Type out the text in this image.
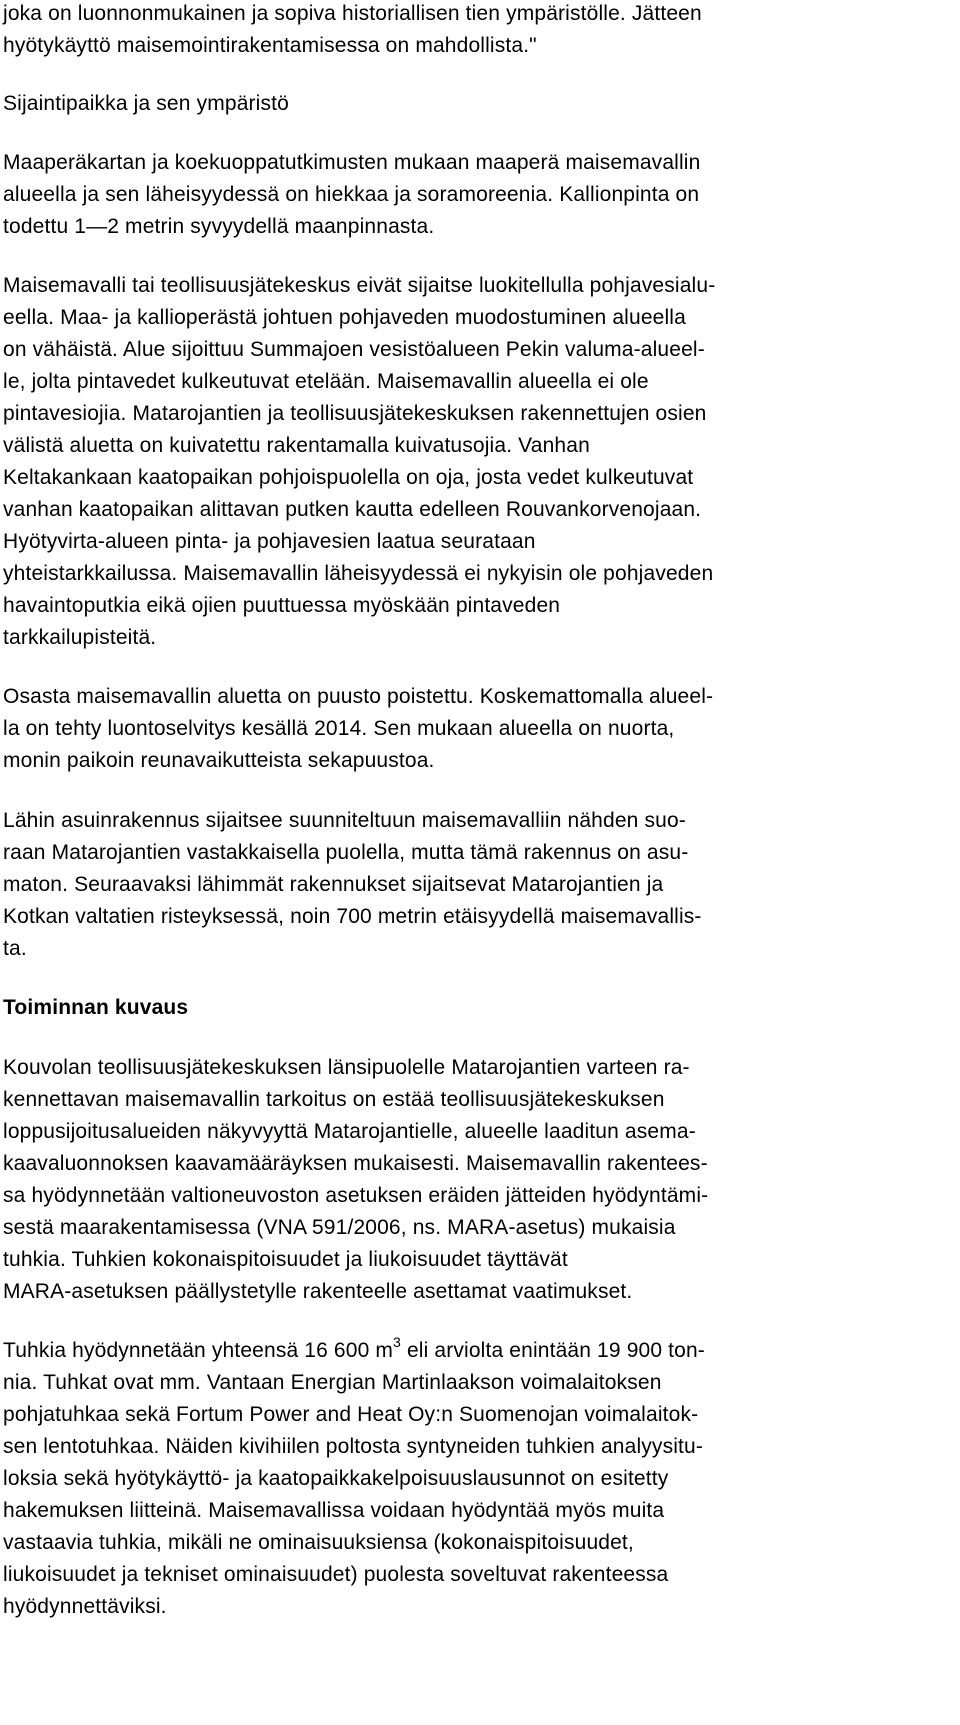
joka on luonnonmukainen ja sopiva historiallisen tien ympäristölle. Jätteen
hyötykäyttö maisemointirakentamisessa on mahdollista."
Sijaintipaikka ja sen ympäristö
Maaperäkartan ja koekuoppatutkimusten mukaan maaperä maisemavallin
alueella ja sen läheisyydessä on hiekkaa ja soramoreenia. Kallionpinta on
todettu 1—2 metrin syvyydellä maanpinnasta.
Maisemavalli tai teollisuusjätekeskus eivät sijaitse luokitellulla pohjavesialu-
eella. Maa- ja kallioperästä johtuen pohjaveden muodostuminen alueella
on vähäistä. Alue sijoittuu Summajoen vesistöalueen Pekin valuma-alueel-
le, jolta pintavedet kulkeutuvat etelään. Maisemavallin alueella ei ole
pintavesiojia. Matarojantien ja teollisuusjätekeskuksen rakennettujen osien
välistä aluetta on kuivatettu rakentamalla kuivatusojia. Vanhan
Keltakankaan kaatopaikan pohjoispuolella on oja, josta vedet kulkeutuvat
vanhan kaatopaikan alittavan putken kautta edelleen Rouvankorvenojaan.
Hyötyvirta-alueen pinta- ja pohjavesien laatua seurataan
yhteistarkkailussa. Maisemavallin läheisyydessä ei nykyisin ole pohjaveden
havaintoputkia eikä ojien puuttuessa myöskään pintaveden
tarkkailupisteitä.
Osasta maisemavallin aluetta on puusto poistettu. Koskemattomalla alueel-
la on tehty luontoselvitys kesällä 2014. Sen mukaan alueella on nuorta,
monin paikoin reunavaikutteista sekapuustoa.
Lähin asuinrakennus sijaitsee suunniteltuun maisemavalliin nähden suo-
raan Matarojantien vastakkaisella puolella, mutta tämä rakennus on asu-
maton. Seuraavaksi lähimmät rakennukset sijaitsevat Matarojantien ja
Kotkan valtatien risteyksessä, noin 700 metrin etäisyydellä maisemavallis-
ta.
Toiminnan kuvaus
Kouvolan teollisuusjätekeskuksen länsipuolelle Matarojantien varteen ra-
kennettavan maisemavallin tarkoitus on estää teollisuusjätekeskuksen
loppusijoitusalueiden näkyvyyttä Matarojantielle, alueelle laaditun asema-
kaavaluonnoksen kaavamääräyksen mukaisesti. Maisemavallin rakentees-
sa hyödynnetään valtioneuvoston asetuksen eräiden jätteiden hyödyntämi-
sestä maarakentamisessa (VNA 591/2006, ns. MARA-asetus) mukaisia
tuhkia. Tuhkien kokonaispitoisuudet ja liukoisuudet täyttävät
MARA-asetuksen päällystetylle rakenteelle asettamat vaatimukset.
Tuhkia hyödynnetään yhteensä 16 600 $m^3$ eli arviolta enintään 19 900 ton-
nia. Tuhkat ovat mm. Vantaan Energian Martinlaakson voimalaitoksen
pohjatuhkaa sekä Fortum Power and Heat Oy:n Suomenojan voimalaitok-
sen lentotuhkaa. Näiden kivihiilen poltosta syntyneiden tuhkien analyysitu-
loksia sekä hyötykäyttö- ja kaatopaikkakelpoisuuslausunnot on esitetty
hakemuksen liitteinä. Maisemavallissa voidaan hyödyntää myös muita
vastaavia tuhkia, mikäli ne ominaisuuksiensa (kokonaispitoisuudet,
liukoisuudet ja tekniset ominaisuudet) puolesta soveltuvat rakenteessa
hyödynnettäviksi.
